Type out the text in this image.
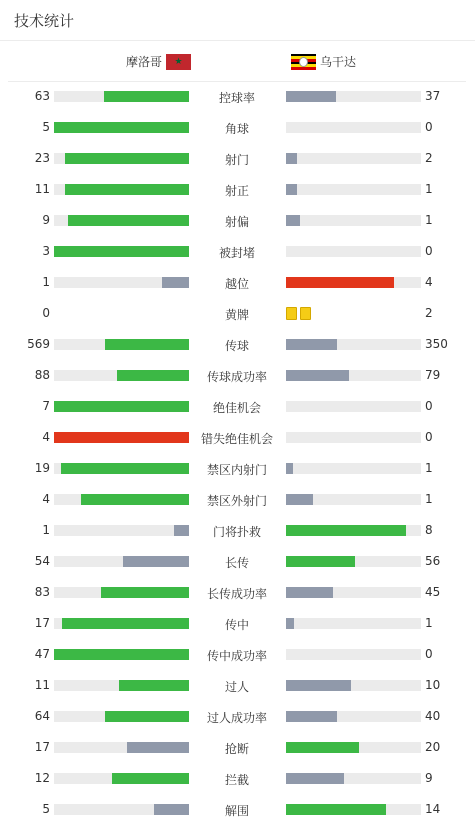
技术统计
摩洛哥	★	乌干达
63	控球率	37
5	角球	0
23	射门	2
11	射正	1
9	射偏	1
3	被封堵	0
1	越位	4
0	黄牌	2
569	传球	350
88	传球成功率	79
7	绝佳机会	0
4	错失绝佳机会	0
19	禁区内射门	1
4	禁区外射门	1
1	门将扑救	8
54	长传	56
83	长传成功率	45
17	传中	1
47	传中成功率	0
11	过人	10
64	过人成功率	40
17	抢断	20
12	拦截	9
5	解围	14
